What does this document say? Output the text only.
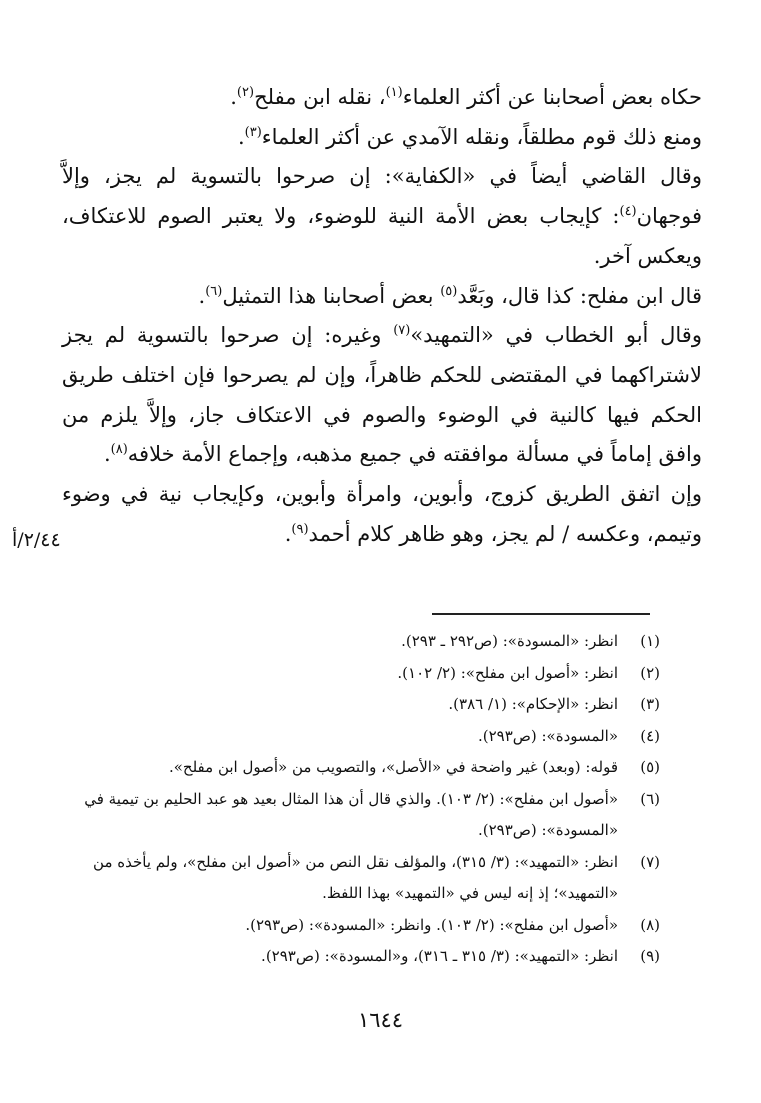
حكاه بعض أصحابنا عن أكثر العلماء$^{(١)}$، نقله ابن مفلح$^{(٢)}$.

ومنع ذلك قوم مطلقاً، ونقله الآمدي عن أكثر العلماء$^{(٣)}$.

وقال القاضي أيضاً في «الكفاية»: إن صرحوا بالتسوية لم يجز، وإلاَّ فوجهان$^{(٤)}$: كإيجاب بعض الأمة النية للوضوء، ولا يعتبر الصوم للاعتكاف، ويعكس آخر.

قال ابن مفلح: كذا قال، وبَعَّد$^{(٥)}$ بعض أصحابنا هذا التمثيل$^{(٦)}$.

وقال أبو الخطاب في «التمهيد»$^{(٧)}$ وغيره: إن صرحوا بالتسوية لم يجز لاشتراكهما في المقتضى للحكم ظاهراً، وإن لم يصرحوا فإن اختلف طريق الحكم فيها كالنية في الوضوء والصوم في الاعتكاف جاز، وإلاَّ يلزم من وافق إماماً في مسألة موافقته في جميع مذهبه، وإجماع الأمة خلافه$^{(٨)}$.

وإن اتفق الطريق كزوج، وأبوين، وامرأة وأبوين، وكإيجاب نية في وضوء وتيمم، وعكسه / لم يجز، وهو ظاهر كلام أحمد$^{(٩)}$.

٢/٤٤/أ
(١)
انظر: «المسودة»: (ص٢٩٢ ـ ٢٩٣).
(٢)
انظر: «أصول ابن مفلح»: (٢/ ١٠٢).
(٣)
انظر: «الإحكام»: (١/ ٣٨٦).
(٤)
«المسودة»: (ص٢٩٣).
(٥)
قوله: (وبعد) غير واضحة في «الأصل»، والتصويب من «أصول ابن مفلح».
(٦)
«أصول ابن مفلح»: (٢/ ١٠٣). والذي قال أن هذا المثال بعيد هو عبد الحليم بن تيمية في «المسودة»: (ص٢٩٣).
(٧)
انظر: «التمهيد»: (٣/ ٣١٥)، والمؤلف نقل النص من «أصول ابن مفلح»، ولم يأخذه من «التمهيد»؛ إذ إنه ليس في «التمهيد» بهذا اللفظ.
(٨)
«أصول ابن مفلح»: (٢/ ١٠٣). وانظر: «المسودة»: (ص٢٩٣).
(٩)
انظر: «التمهيد»: (٣/ ٣١٥ ـ ٣١٦)، و«المسودة»: (ص٢٩٣).
١٦٤٤
